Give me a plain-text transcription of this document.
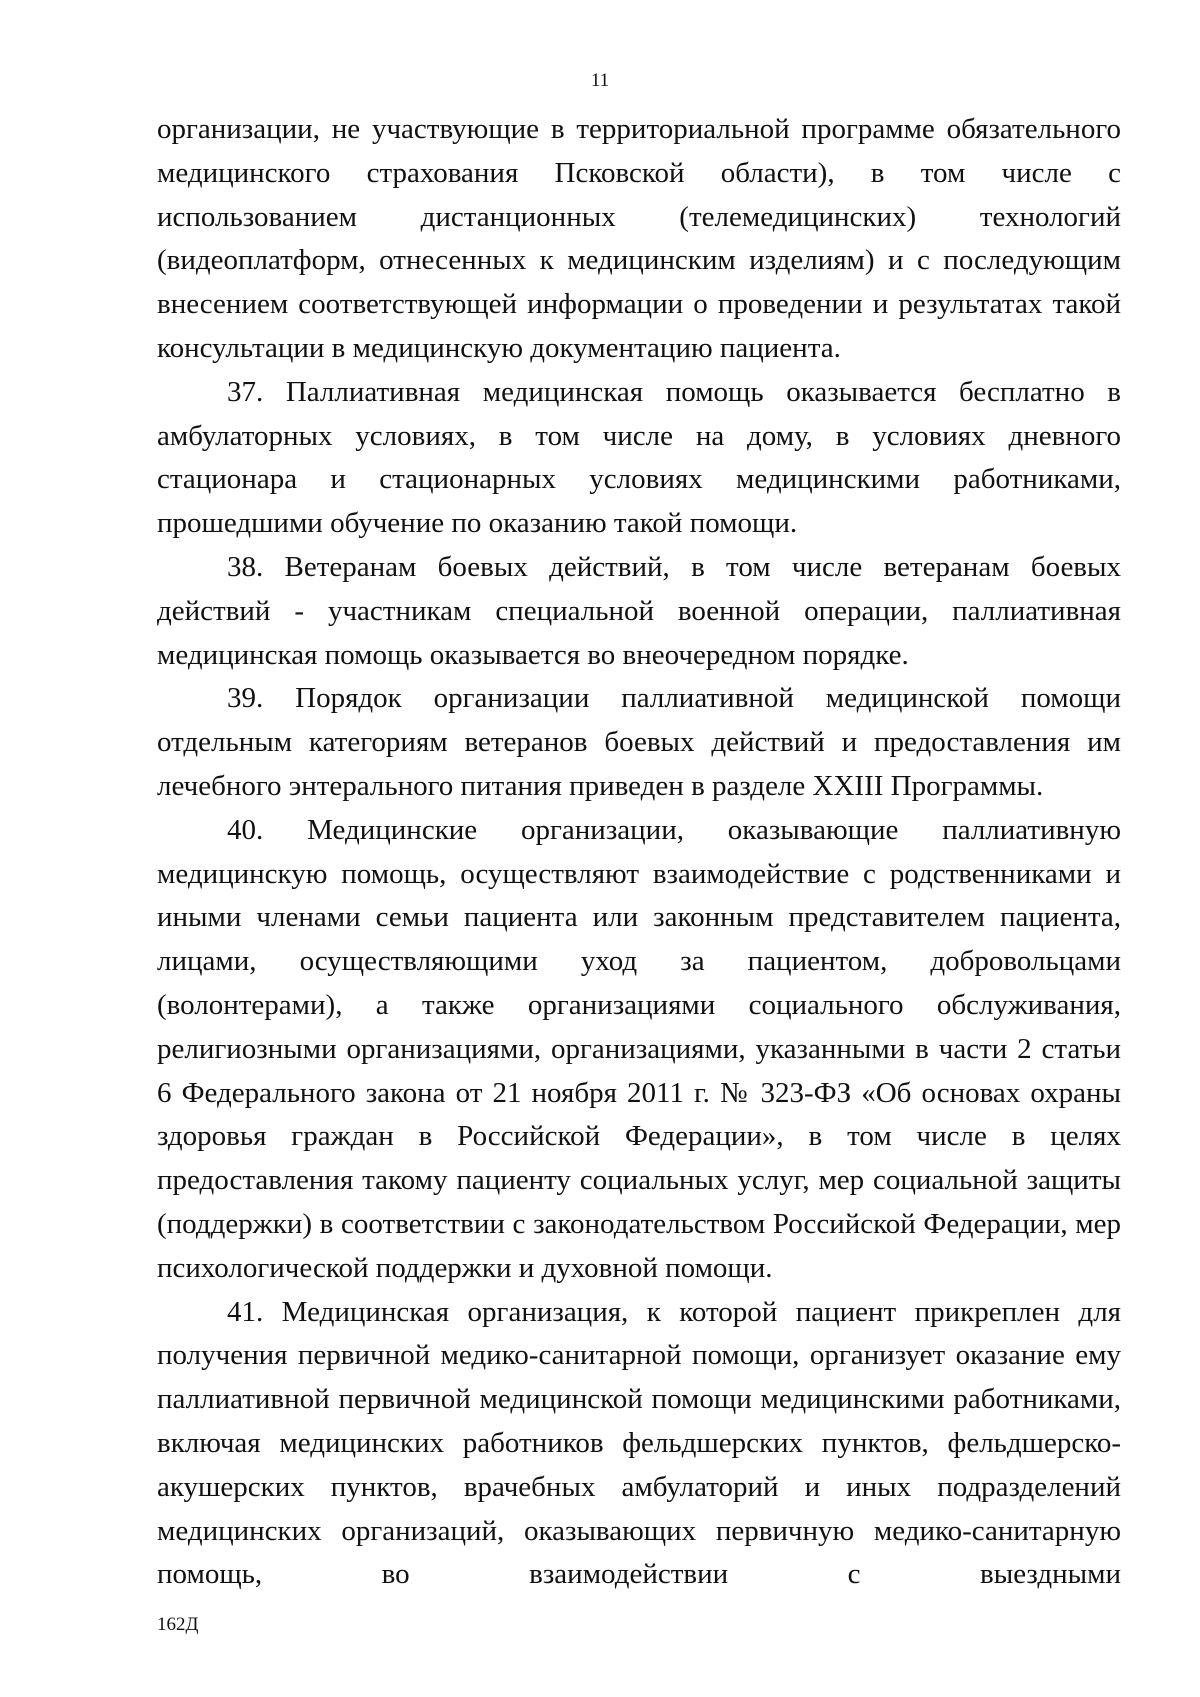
11

организации, не участвующие в территориальной программе обязательного медицинского страхования Псковской области), в том числе с использованием дистанционных (телемедицинских) технологий (видеоплатформ, отнесенных к медицинским изделиям) и с последующим внесением соответствующей информации о проведении и результатах такой консультации в медицинскую документацию пациента.

37. Паллиативная медицинская помощь оказывается бесплатно в амбулаторных условиях, в том числе на дому, в условиях дневного стационара и стационарных условиях медицинскими работниками, прошедшими обучение по оказанию такой помощи.

38. Ветеранам боевых действий, в том числе ветеранам боевых действий - участникам специальной военной операции, паллиативная медицинская помощь оказывается во внеочередном порядке.

39. Порядок организации паллиативной медицинской помощи отдельным категориям ветеранов боевых действий и предоставления им лечебного энтерального питания приведен в разделе XXIII Программы.

40. Медицинские организации, оказывающие паллиативную медицинскую помощь, осуществляют взаимодействие с родственниками и иными членами семьи пациента или законным представителем пациента, лицами, осуществляющими уход за пациентом, добровольцами (волонтерами), а также организациями социального обслуживания, религиозными организациями, организациями, указанными в части 2 статьи 6 Федерального закона от 21 ноября 2011 г. № 323-ФЗ «Об основах охраны здоровья граждан в Российской Федерации», в том числе в целях предоставления такому пациенту социальных услуг, мер социальной защиты (поддержки) в соответствии с законодательством Российской Федерации, мер психологической поддержки и духовной помощи.

41. Медицинская организация, к которой пациент прикреплен для получения первичной медико-санитарной помощи, организует оказание ему паллиативной первичной медицинской помощи медицинскими работниками, включая медицинских работников фельдшерских пунктов, фельдшерско-акушерских пунктов, врачебных амбулаторий и иных подразделений медицинских организаций, оказывающих первичную медико-санитарную помощь, во взаимодействии с выездными

162Д
